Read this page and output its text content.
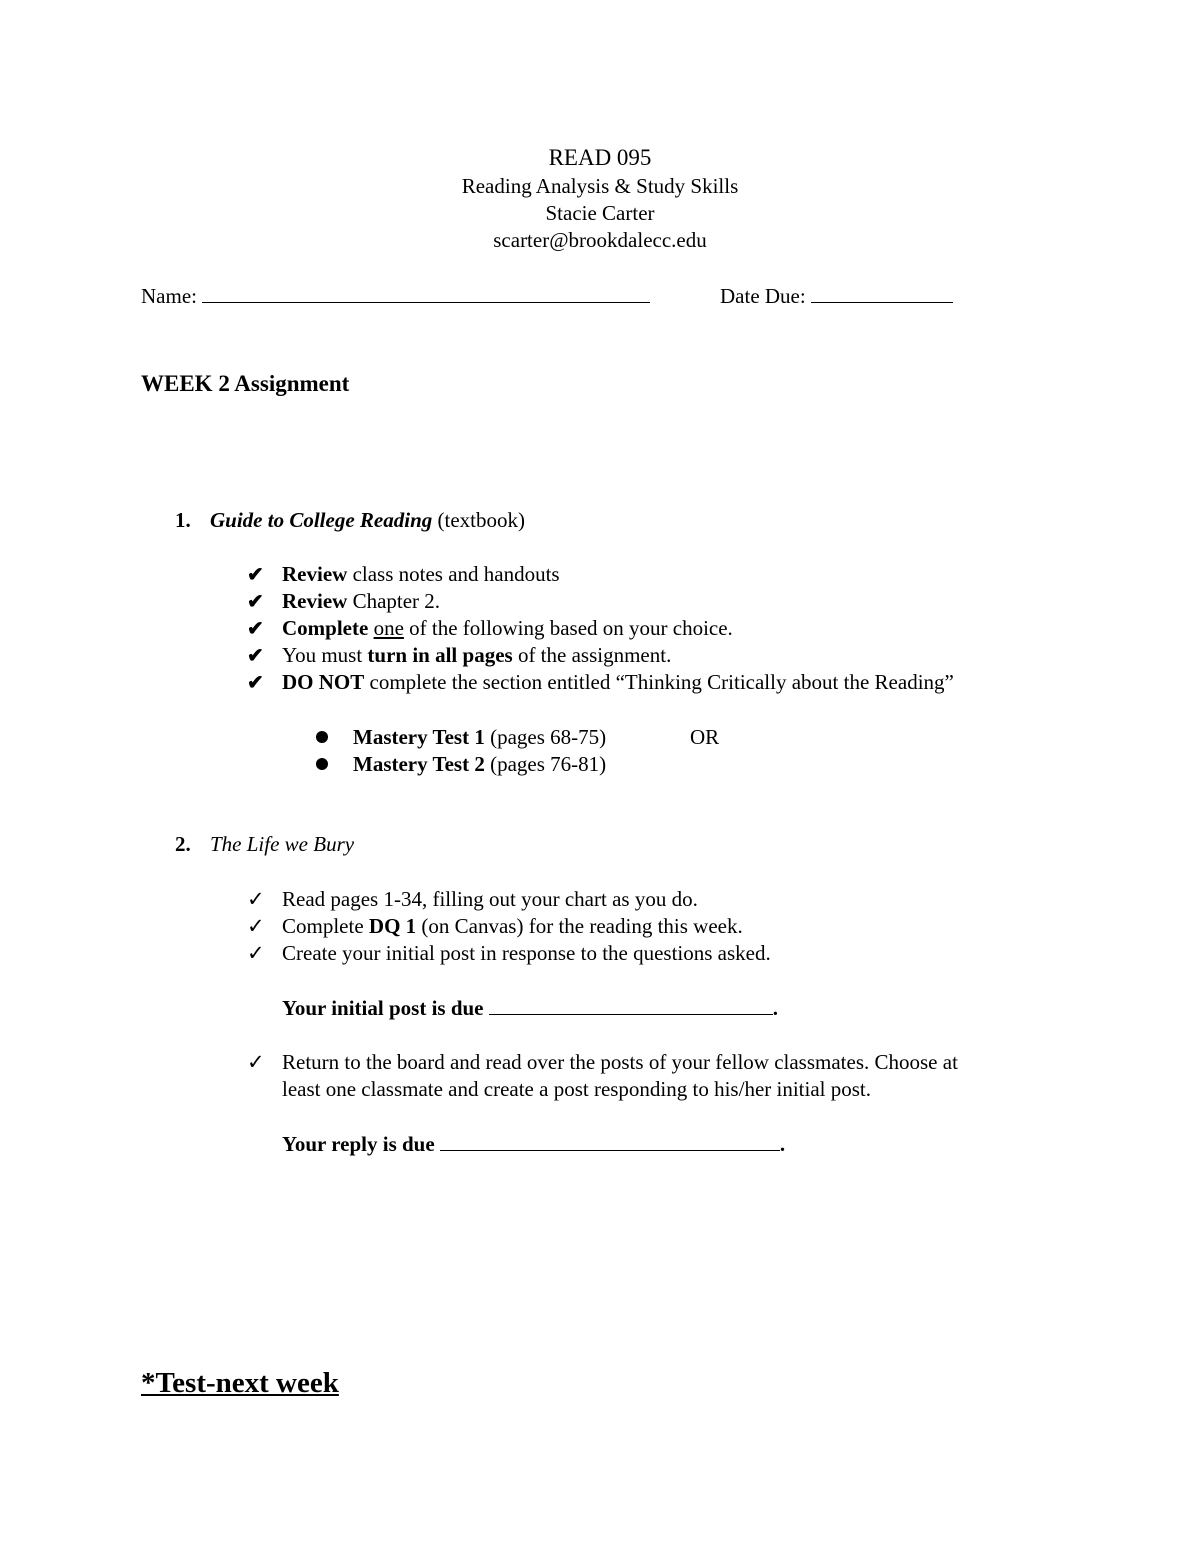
READ 095
Reading Analysis & Study Skills
Stacie Carter
scarter@brookdalecc.edu
Name:	Date Due:
WEEK 2 Assignment
1. Guide to College Reading (textbook)
✔ Review class notes and handouts
✔ Review Chapter 2.
✔ Complete one of the following based on your choice.
✔ You must turn in all pages of the assignment.
✔ DO NOT complete the section entitled “Thinking Critically about the Reading”
Mastery Test 1 (pages 68-75)	OR
Mastery Test 2 (pages 76-81)
2. The Life we Bury
✓ Read pages 1-34, filling out your chart as you do.
✓ Complete DQ 1 (on Canvas) for the reading this week.
✓ Create your initial post in response to the questions asked.
Your initial post is due	.
✓ Return to the board and read over the posts of your fellow classmates. Choose at
least one classmate and create a post responding to his/her initial post.
Your reply is due	.
*Test-next week
